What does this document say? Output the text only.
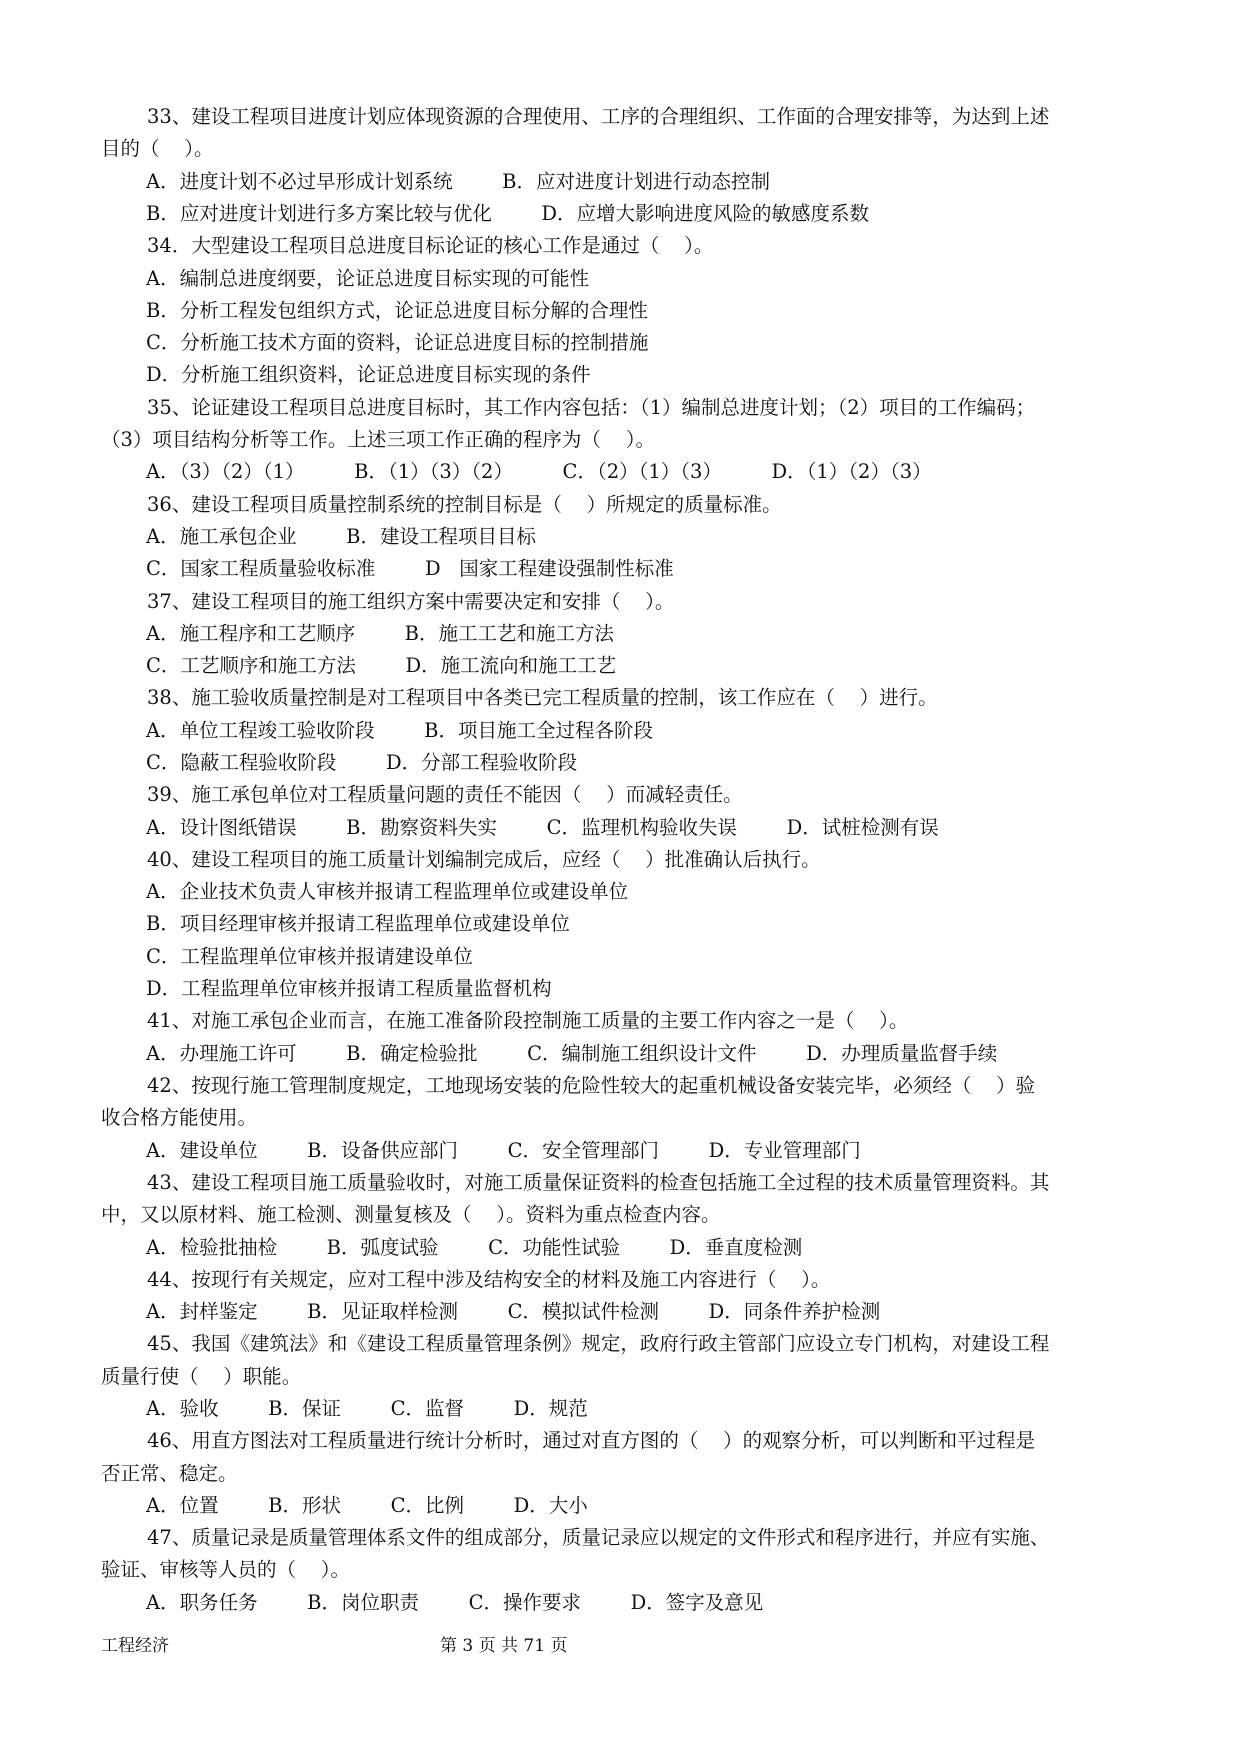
33、建设工程项目进度计划应体现资源的合理使用、工序的合理组织、工作面的合理安排等，为达到上述
目的（    ）。
A．进度计划不必过早形成计划系统        B．应对进度计划进行动态控制
B．应对进度计划进行多方案比较与优化        D．应增大影响进度风险的敏感度系数
34．大型建设工程项目总进度目标论证的核心工作是通过（    ）。
A．编制总进度纲要，论证总进度目标实现的可能性
B．分析工程发包组织方式，论证总进度目标分解的合理性
C．分析施工技术方面的资料，论证总进度目标的控制措施
D．分析施工组织资料，论证总进度目标实现的条件
35、论证建设工程项目总进度目标时，其工作内容包括：（1）编制总进度计划；（2）项目的工作编码；
（3）项目结构分析等工作。上述三项工作正确的程序为（    ）。
A．（3）（2）（1）        B．（1）（3）（2）        C．（2）（1）（3）        D．（1）（2）（3）
36、建设工程项目质量控制系统的控制目标是（    ）所规定的质量标准。
A．施工承包企业        B．建设工程项目目标
C．国家工程质量验收标准        D   国家工程建设强制性标准
37、建设工程项目的施工组织方案中需要决定和安排（    ）。
A．施工程序和工艺顺序        B．施工工艺和施工方法
C．工艺顺序和施工方法        D．施工流向和施工工艺
38、施工验收质量控制是对工程项目中各类已完工程质量的控制，该工作应在（    ）进行。
A．单位工程竣工验收阶段        B．项目施工全过程各阶段
C．隐蔽工程验收阶段        D．分部工程验收阶段
39、施工承包单位对工程质量问题的责任不能因（    ）而减轻责任。
A．设计图纸错误        B．勘察资料失实        C．监理机构验收失误        D．试桩检测有误
40、建设工程项目的施工质量计划编制完成后，应经（    ）批准确认后执行。
A．企业技术负责人审核并报请工程监理单位或建设单位
B．项目经理审核并报请工程监理单位或建设单位
C．工程监理单位审核并报请建设单位
D．工程监理单位审核并报请工程质量监督机构
41、对施工承包企业而言，在施工准备阶段控制施工质量的主要工作内容之一是（    ）。
A．办理施工许可        B．确定检验批        C．编制施工组织设计文件        D．办理质量监督手续
42、按现行施工管理制度规定，工地现场安装的危险性较大的起重机械设备安装完毕，必须经（    ）验
收合格方能使用。
A．建设单位        B．设备供应部门        C．安全管理部门        D．专业管理部门
43、建设工程项目施工质量验收时，对施工质量保证资料的检查包括施工全过程的技术质量管理资料。其
中，又以原材料、施工检测、测量复核及（    ）。资料为重点检查内容。
A．检验批抽检        B．弧度试验        C．功能性试验        D．垂直度检测
44、按现行有关规定，应对工程中涉及结构安全的材料及施工内容进行（    ）。
A．封样鉴定        B．见证取样检测        C．模拟试件检测        D．同条件养护检测
45、我国《建筑法》和《建设工程质量管理条例》规定，政府行政主管部门应设立专门机构，对建设工程
质量行使（    ）职能。
A．验收        B．保证        C．监督        D．规范
46、用直方图法对工程质量进行统计分析时，通过对直方图的（    ）的观察分析，可以判断和平过程是
否正常、稳定。
A．位置        B．形状        C．比例        D．大小
47、质量记录是质量管理体系文件的组成部分，质量记录应以规定的文件形式和程序进行，并应有实施、
验证、审核等人员的（    ）。
A．职务任务        B．岗位职责        C．操作要求        D．签字及意见
工程经济	第 3 页 共 71 页
